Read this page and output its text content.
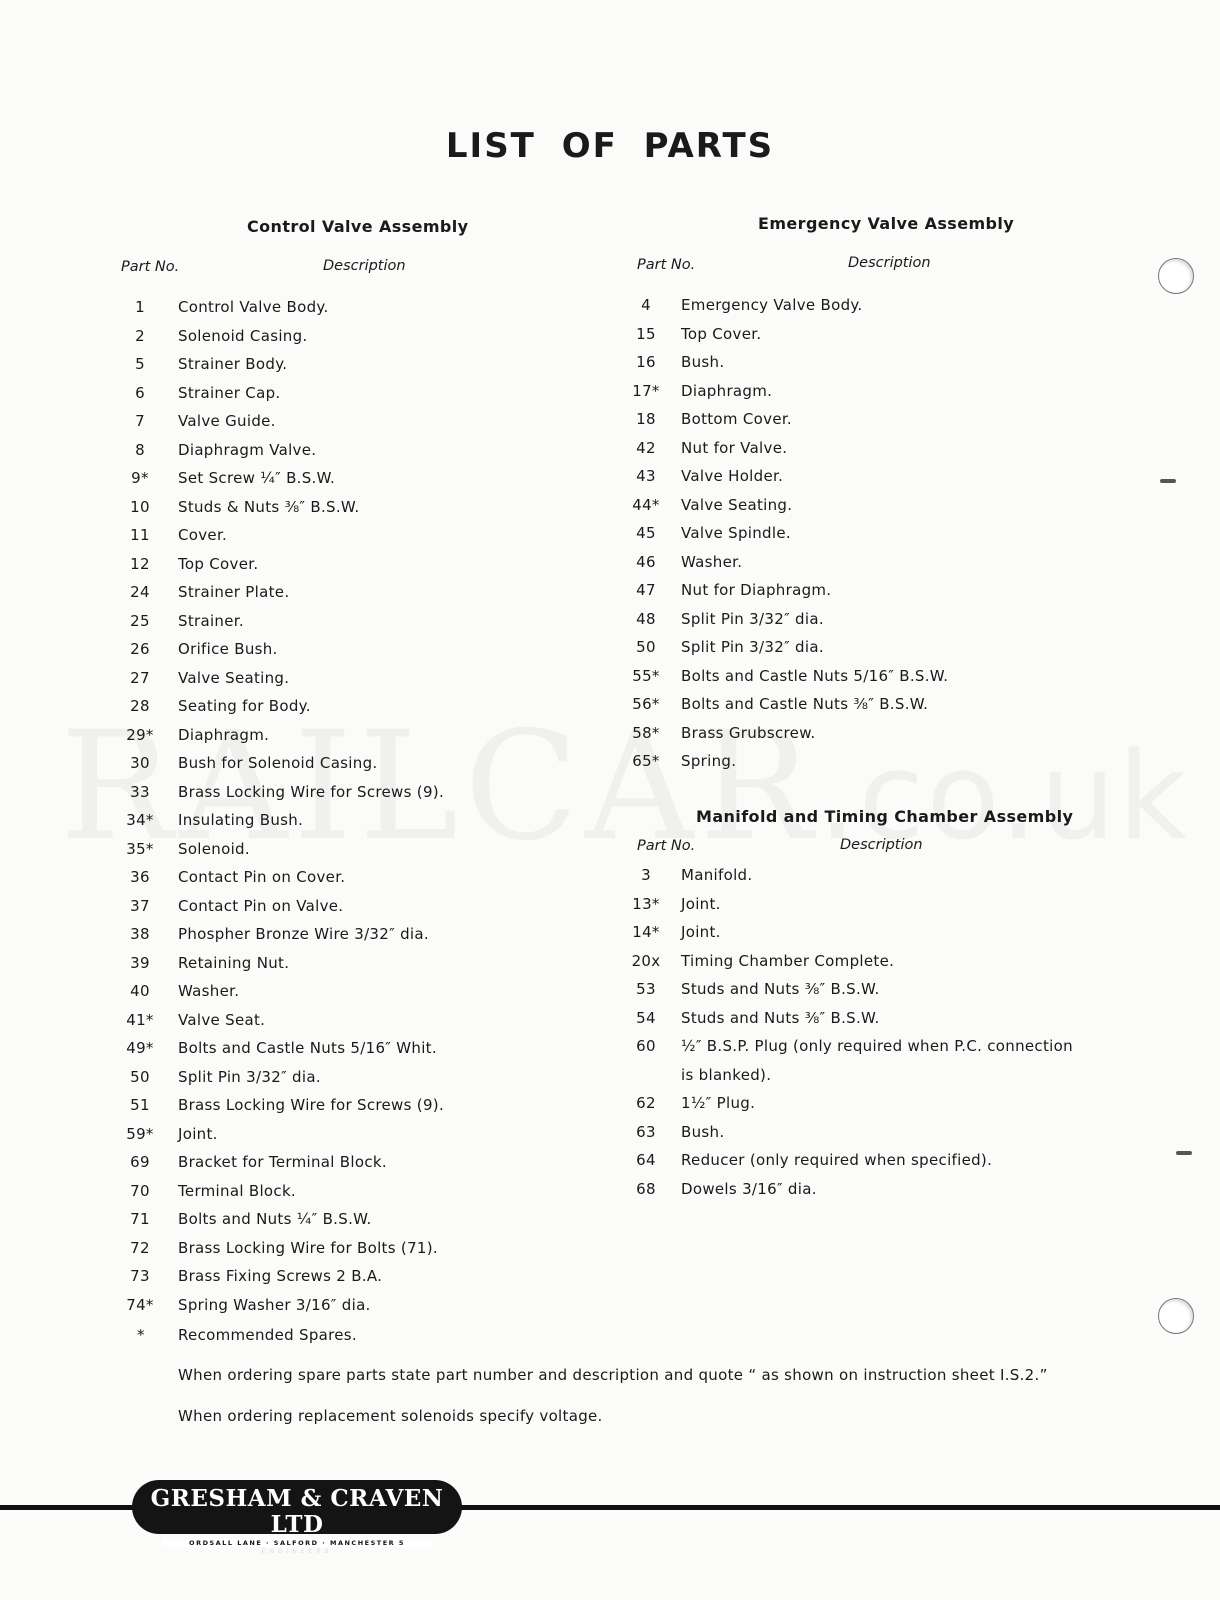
LIST OF PARTS
Control Valve Assembly
Part No.	Description
1	Control Valve Body.
2	Solenoid Casing.
5	Strainer Body.
6	Strainer Cap.
7	Valve Guide.
8	Diaphragm Valve.
9*	Set Screw ¼″ B.S.W.
10	Studs & Nuts ⅜″ B.S.W.
11	Cover.
12	Top Cover.
24	Strainer Plate.
25	Strainer.
26	Orifice Bush.
27	Valve Seating.
28	Seating for Body.
29*	Diaphragm.
30	Bush for Solenoid Casing.
33	Brass Locking Wire for Screws (9).
34*	Insulating Bush.
35*	Solenoid.
36	Contact Pin on Cover.
37	Contact Pin on Valve.
38	Phospher Bronze Wire 3/32″ dia.
39	Retaining Nut.
40	Washer.
41*	Valve Seat.
49*	Bolts and Castle Nuts 5/16″ Whit.
50	Split Pin 3/32″ dia.
51	Brass Locking Wire for Screws (9).
59*	Joint.
69	Bracket for Terminal Block.
70	Terminal Block.
71	Bolts and Nuts ¼″ B.S.W.
72	Brass Locking Wire for Bolts (71).
73	Brass Fixing Screws 2 B.A.
74*	Spring Washer 3/16″ dia.
Emergency Valve Assembly
Part No.	Description
4	Emergency Valve Body.
15	Top Cover.
16	Bush.
17*	Diaphragm.
18	Bottom Cover.
42	Nut for Valve.
43	Valve Holder.
44*	Valve Seating.
45	Valve Spindle.
46	Washer.
47	Nut for Diaphragm.
48	Split Pin 3/32″ dia.
50	Split Pin 3/32″ dia.
55*	Bolts and Castle Nuts 5/16″ B.S.W.
56*	Bolts and Castle Nuts ⅜″ B.S.W.
58*	Brass Grubscrew.
65*	Spring.
Manifold and Timing Chamber Assembly
Part No.	Description
3	Manifold.
13*	Joint.
14*	Joint.
20x	Timing Chamber Complete.
53	Studs and Nuts ⅜″ B.S.W.
54	Studs and Nuts ⅜″ B.S.W.
60	½″ B.S.P. Plug (only required when P.C. connection
is blanked).
62	1½″ Plug.
63	Bush.
64	Reducer (only required when specified).
68	Dowels 3/16″ dia.
* Recommended Spares.
When ordering spare parts state part number and description and quote “ as shown on instruction sheet I.S.2.”
When ordering replacement solenoids specify voltage.
GRESHAM & CRAVEN LTD
ORDSALL LANE · SALFORD · MANCHESTER 5
ENGINEERS
